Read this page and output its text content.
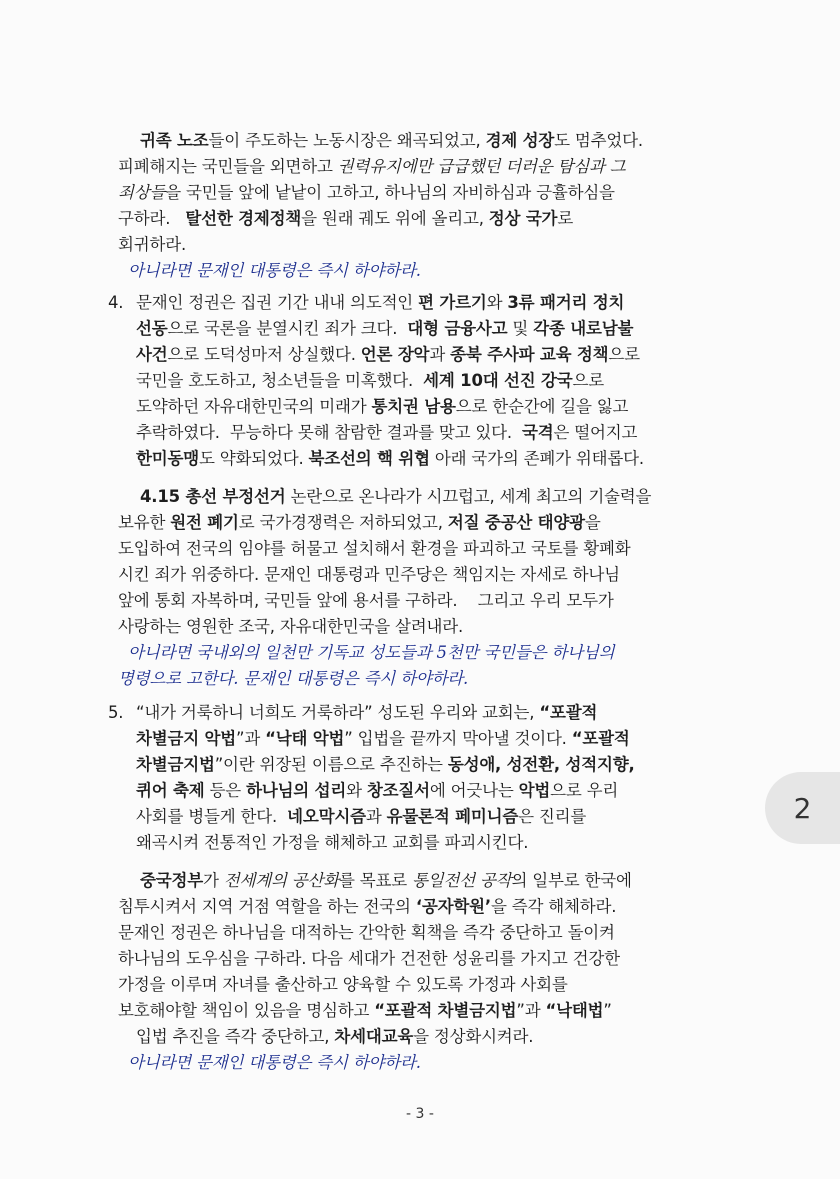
귀족 노조들이 주도하는 노동시장은 왜곡되었고, 경제 성장도 멈추었다.
피폐해지는 국민들을 외면하고 권력유지에만 급급했던 더러운 탐심과 그
죄상들을 국민들 앞에 낱낱이 고하고, 하나님의 자비하심과 긍휼하심을
구하라.   탈선한 경제정책을 원래 궤도 위에 올리고, 정상 국가로
회귀하라.
아니라면 문재인 대통령은 즉시 하야하라.
4. 문재인 정권은 집권 기간 내내 의도적인 편 가르기와 3류 패거리 정치
선동으로 국론을 분열시킨 죄가 크다.  대형 금융사고 및 각종 내로남불
사건으로 도덕성마저 상실했다. 언론 장악과 종북 주사파 교육 정책으로
국민을 호도하고, 청소년들을 미혹했다.  세계 10대 선진 강국으로
도약하던 자유대한민국의 미래가 통치권 남용으로 한순간에 길을 잃고
추락하였다.  무능하다 못해 참람한 결과를 맞고 있다.  국격은 떨어지고
한미동맹도 약화되었다. 북조선의 핵 위협 아래 국가의 존폐가 위태롭다.
4.15 총선 부정선거 논란으로 온나라가 시끄럽고, 세계 최고의 기술력을
보유한 원전 폐기로 국가경쟁력은 저하되었고, 저질 중공산 태양광을
도입하여 전국의 임야를 허물고 설치해서 환경을 파괴하고 국토를 황폐화
시킨 죄가 위중하다. 문재인 대통령과 민주당은 책임지는 자세로 하나님
앞에 통회 자복하며, 국민들 앞에 용서를 구하라.    그리고 우리 모두가
사랑하는 영원한 조국, 자유대한민국을 살려내라.
아니라면 국내외의 일천만 기독교 성도들과 5천만 국민들은 하나님의
명령으로 고한다. 문재인 대통령은 즉시 하야하라.
5. “내가 거룩하니 너희도 거룩하라” 성도된 우리와 교회는, “포괄적
차별금지 악법”과 “낙태 악법” 입법을 끝까지 막아낼 것이다. “포괄적
차별금지법”이란 위장된 이름으로 추진하는 동성애, 성전환, 성적지향,
퀴어 축제 등은 하나님의 섭리와 창조질서에 어긋나는 악법으로 우리
사회를 병들게 한다.  네오막시즘과 유물론적 페미니즘은 진리를
왜곡시켜 전통적인 가정을 해체하고 교회를 파괴시킨다.
중국정부가 전세계의 공산화를 목표로 통일전선 공작의 일부로 한국에
침투시켜서 지역 거점 역할을 하는 전국의 ‘공자학원’을 즉각 해체하라.
문재인 정권은 하나님을 대적하는 간악한 획책을 즉각 중단하고 돌이켜
하나님의 도우심을 구하라. 다음 세대가 건전한 성윤리를 가지고 건강한
가정을 이루며 자녀를 출산하고 양육할 수 있도록 가정과 사회를
보호해야할 책임이 있음을 명심하고 “포괄적 차별금지법”과 “낙태법”
입법 추진을 즉각 중단하고, 차세대교육을 정상화시켜라.
아니라면 문재인 대통령은 즉시 하야하라.
- 3 -
2
